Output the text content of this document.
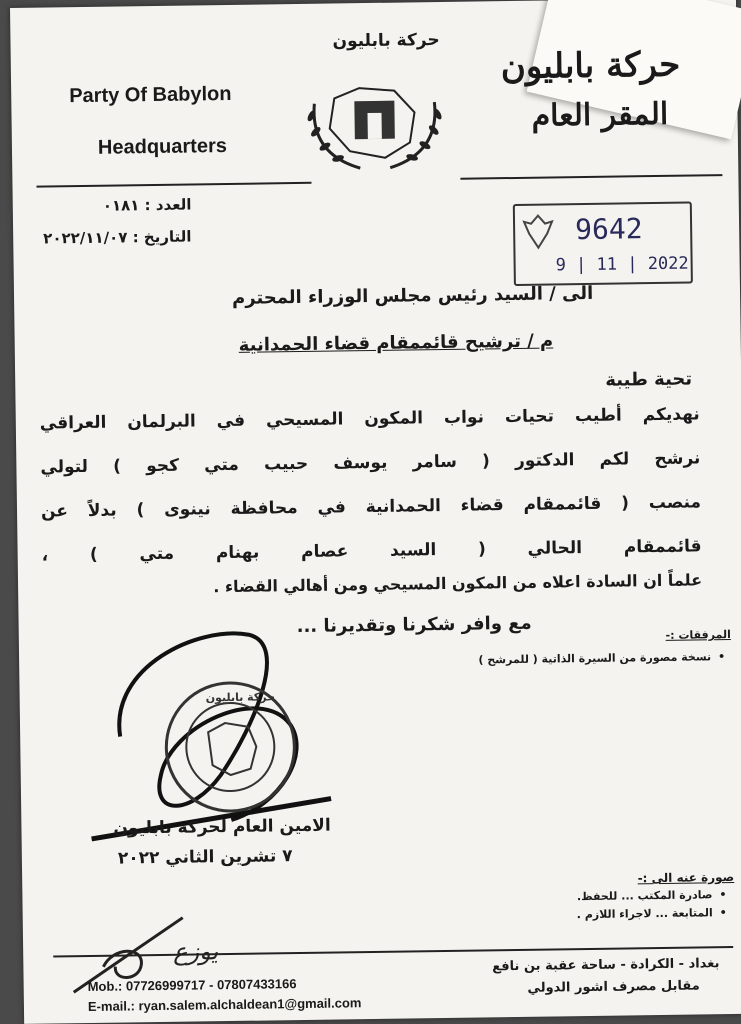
Party Of Babylon
Headquarters
حركة بابليون
حركة بابليون
المقر العام
العدد : ٠١٨١
التاريخ : ٢٠٢٢/١١/٠٧	9642
9 | 11 | 2022
الى / السيد رئيس مجلس الوزراء المحترم
م / ترشيح قائممقام قضاء الحمدانية
تحية طيبة
نهديكم أطيب تحيات نواب المكون المسيحي في البرلمان العراقي
نرشح لكم الدكتور ( سامر يوسف حبيب متي كجو ) لتولي
منصب ( قائممقام قضاء الحمدانية في محافظة نينوى ) بدلاً عن
قائممقام الحالي ( السيد عصام بهنام متي ) ،
علماً ان السادة اعلاه من المكون المسيحي ومن أهالي القضاء .
مع وافر شكرنا وتقديرنا ...	المرفقات :-
• نسخة مصورة من السيرة الذاتية ( للمرشح )
حركة بابليون
الامين العام لحركة بابليون
٧ تشرين الثاني ٢٠٢٢
صورة عنه الى :-
• صادرة المكتب ... للحفظ.
• المتابعة ... لاجراء اللازم .
يوزع
Mob.: 07726999717 - 07807433166
E-mail.: ryan.salem.alchaldean1@gmail.com
بغداد - الكرادة - ساحة عقبة بن نافع
مقابل مصرف اشور الدولي
